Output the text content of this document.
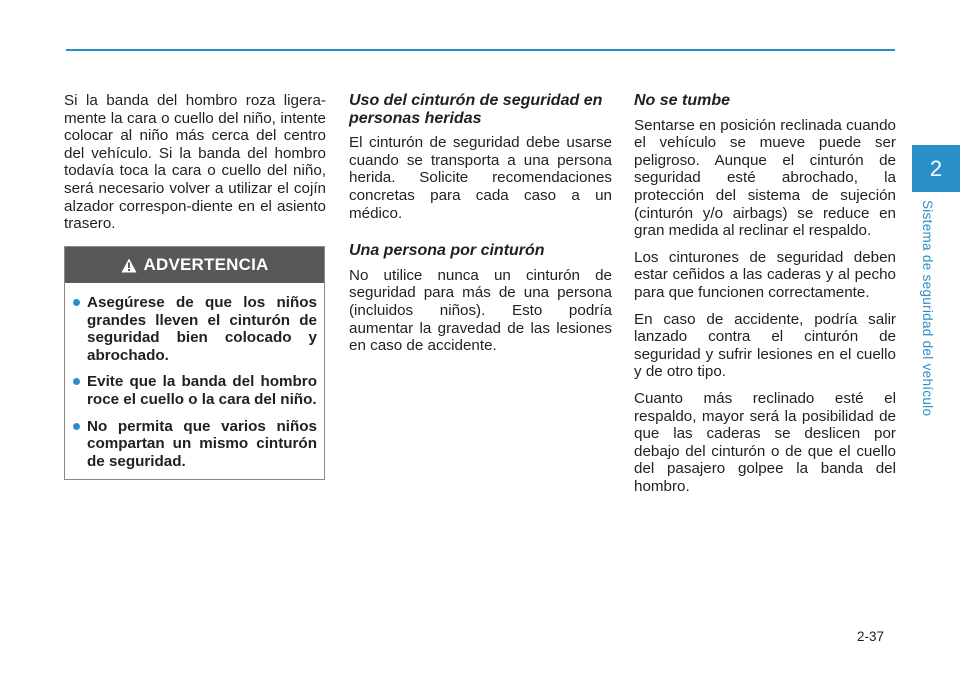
Si la banda del hombro roza ligera-mente la cara o cuello del niño, intente colocar al niño más cerca del centro del vehículo. Si la banda del hombro todavía toca la cara o cuello del niño, será necesario volver a utilizar el cojín alzador correspon-diente en el asiento trasero.

ADVERTENCIA
Asegúrese de que los niños grandes lleven el cinturón de seguridad bien colocado y abrochado.
Evite que la banda del hombro roce el cuello o la cara del niño.
No permita que varios niños compartan un mismo cinturón de seguridad.
Uso del cinturón de seguridad en personas heridas

El cinturón de seguridad debe usarse cuando se transporta a una persona herida. Solicite recomendaciones concretas para cada caso a un médico.

Una persona por cinturón

No utilice nunca un cinturón de seguridad para más de una persona (incluidos niños). Esto podría aumentar la gravedad de las lesiones en caso de accidente.

No se tumbe

Sentarse en posición reclinada cuando el vehículo se mueve puede ser peligroso. Aunque el cinturón de seguridad esté abrochado, la protección del sistema de sujeción (cinturón y/o airbags) se reduce en gran medida al reclinar el respaldo.

Los cinturones de seguridad deben estar ceñidos a las caderas y al pecho para que funcionen correctamente.

En caso de accidente, podría salir lanzado contra el cinturón de seguridad y sufrir lesiones en el cuello y de otro tipo.

Cuanto más reclinado esté el respaldo, mayor será la posibilidad de que las caderas se deslicen por debajo del cinturón o de que el cuello del pasajero golpee la banda del hombro.

2
Sistema de seguridad del vehículo
2-37
